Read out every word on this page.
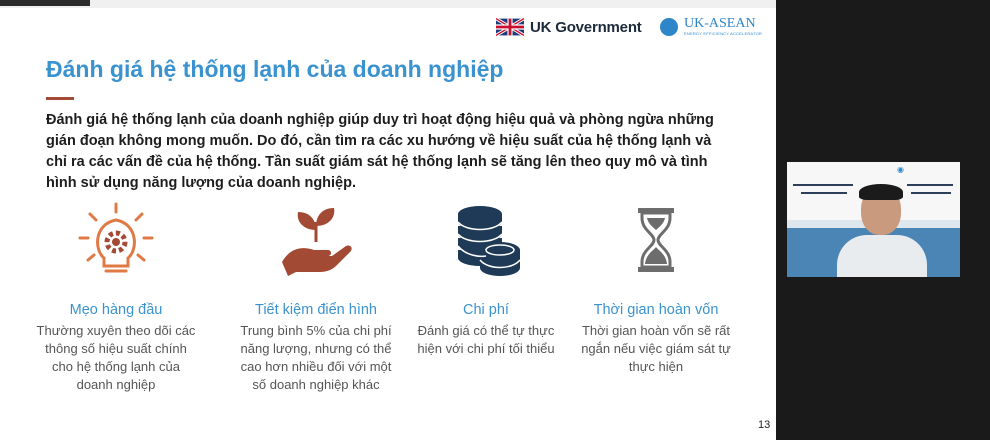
UK Government	UK-ASEAN
ENERGY EFFICIENCY ACCELERATOR
Đánh giá hệ thống lạnh của doanh nghiệp
Đánh giá hệ thống lạnh của doanh nghiệp giúp duy trì hoạt động hiệu quả và phòng ngừa những gián đoạn không mong muốn. Do đó, cần tìm ra các xu hướng về hiệu suất của hệ thống lạnh và chỉ ra các vấn đề của hệ thống. Tần suất giám sát hệ thống lạnh sẽ tăng lên theo quy mô và tình hình sử dụng năng lượng của doanh nghiệp.
Mẹo hàng đầu
Thường xuyên theo dõi các thông số hiệu suất chính cho hệ thống lạnh của doanh nghiệp
Tiết kiệm điển hình
Trung bình 5% của chi phí năng lượng, nhưng có thể cao hơn nhiều đối với một số doanh nghiệp khác
Chi phí
Đánh giá có thể tự thực hiện với chi phí tối thiểu
Thời gian hoàn vốn
Thời gian hoàn vốn sẽ rất ngắn nếu việc giám sát tự thực hiện
13
◉
